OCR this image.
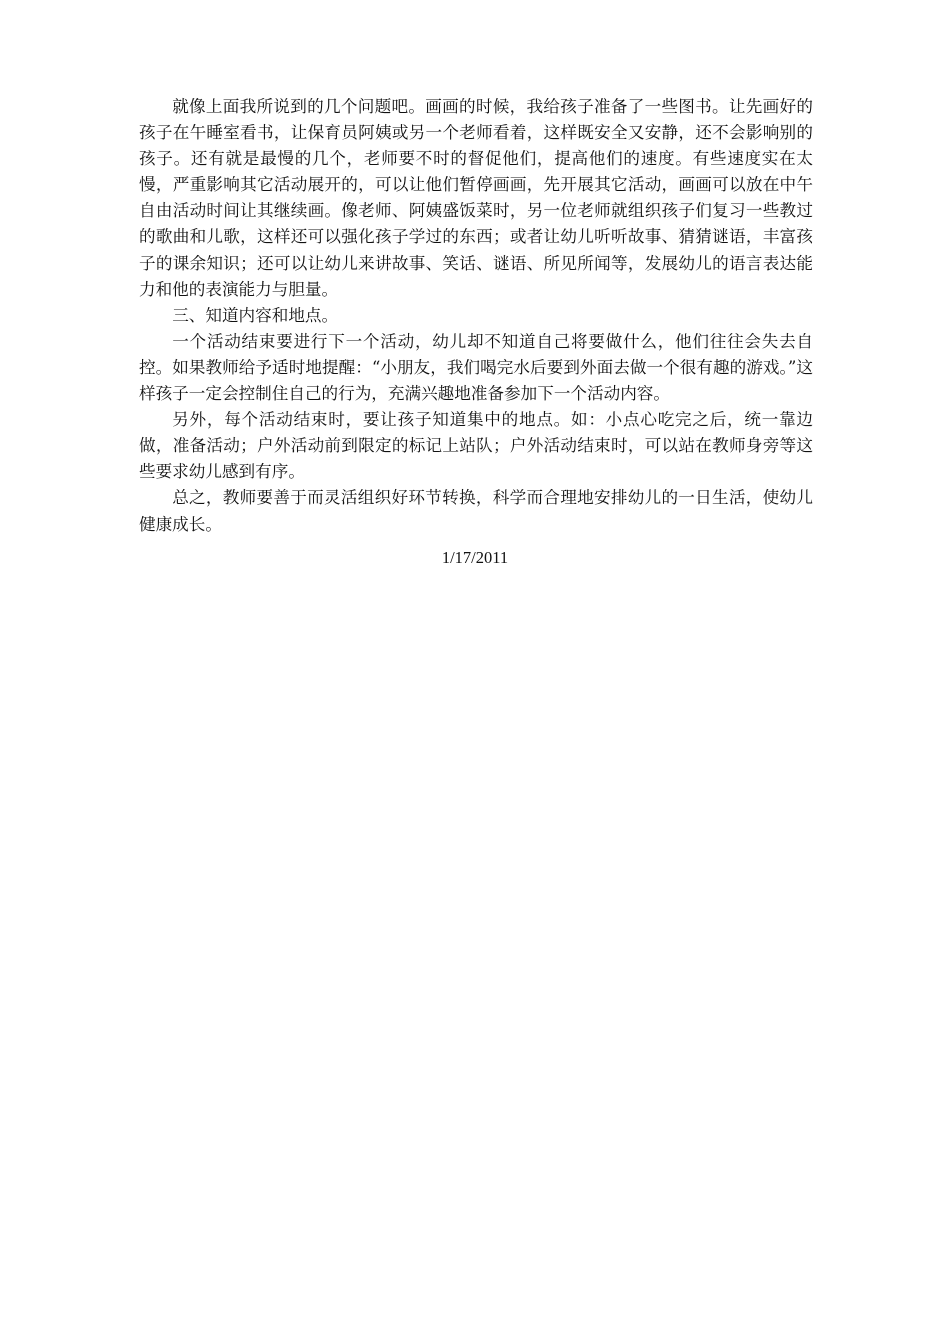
就像上面我所说到的几个问题吧。画画的时候，我给孩子准备了一些图书。让先画好的孩子在午睡室看书，让保育员阿姨或另一个老师看着，这样既安全又安静，还不会影响别的孩子。还有就是最慢的几个，老师要不时的督促他们，提高他们的速度。有些速度实在太慢，严重影响其它活动展开的，可以让他们暂停画画，先开展其它活动，画画可以放在中午自由活动时间让其继续画。像老师、阿姨盛饭菜时，另一位老师就组织孩子们复习一些教过的歌曲和儿歌，这样还可以强化孩子学过的东西；或者让幼儿听听故事、猜猜谜语，丰富孩子的课余知识；还可以让幼儿来讲故事、笑话、谜语、所见所闻等，发展幼儿的语言表达能力和他的表演能力与胆量。

三、知道内容和地点。

一个活动结束要进行下一个活动，幼儿却不知道自己将要做什么，他们往往会失去自控。如果教师给予适时地提醒：“小朋友，我们喝完水后要到外面去做一个很有趣的游戏。”这样孩子一定会控制住自己的行为，充满兴趣地准备参加下一个活动内容。

另外，每个活动结束时，要让孩子知道集中的地点。如：小点心吃完之后，统一靠边做，准备活动；户外活动前到限定的标记上站队；户外活动结束时，可以站在教师身旁等这些要求幼儿感到有序。

总之，教师要善于而灵活组织好环节转换，科学而合理地安排幼儿的一日生活，使幼儿健康成长。

1/17/2011
